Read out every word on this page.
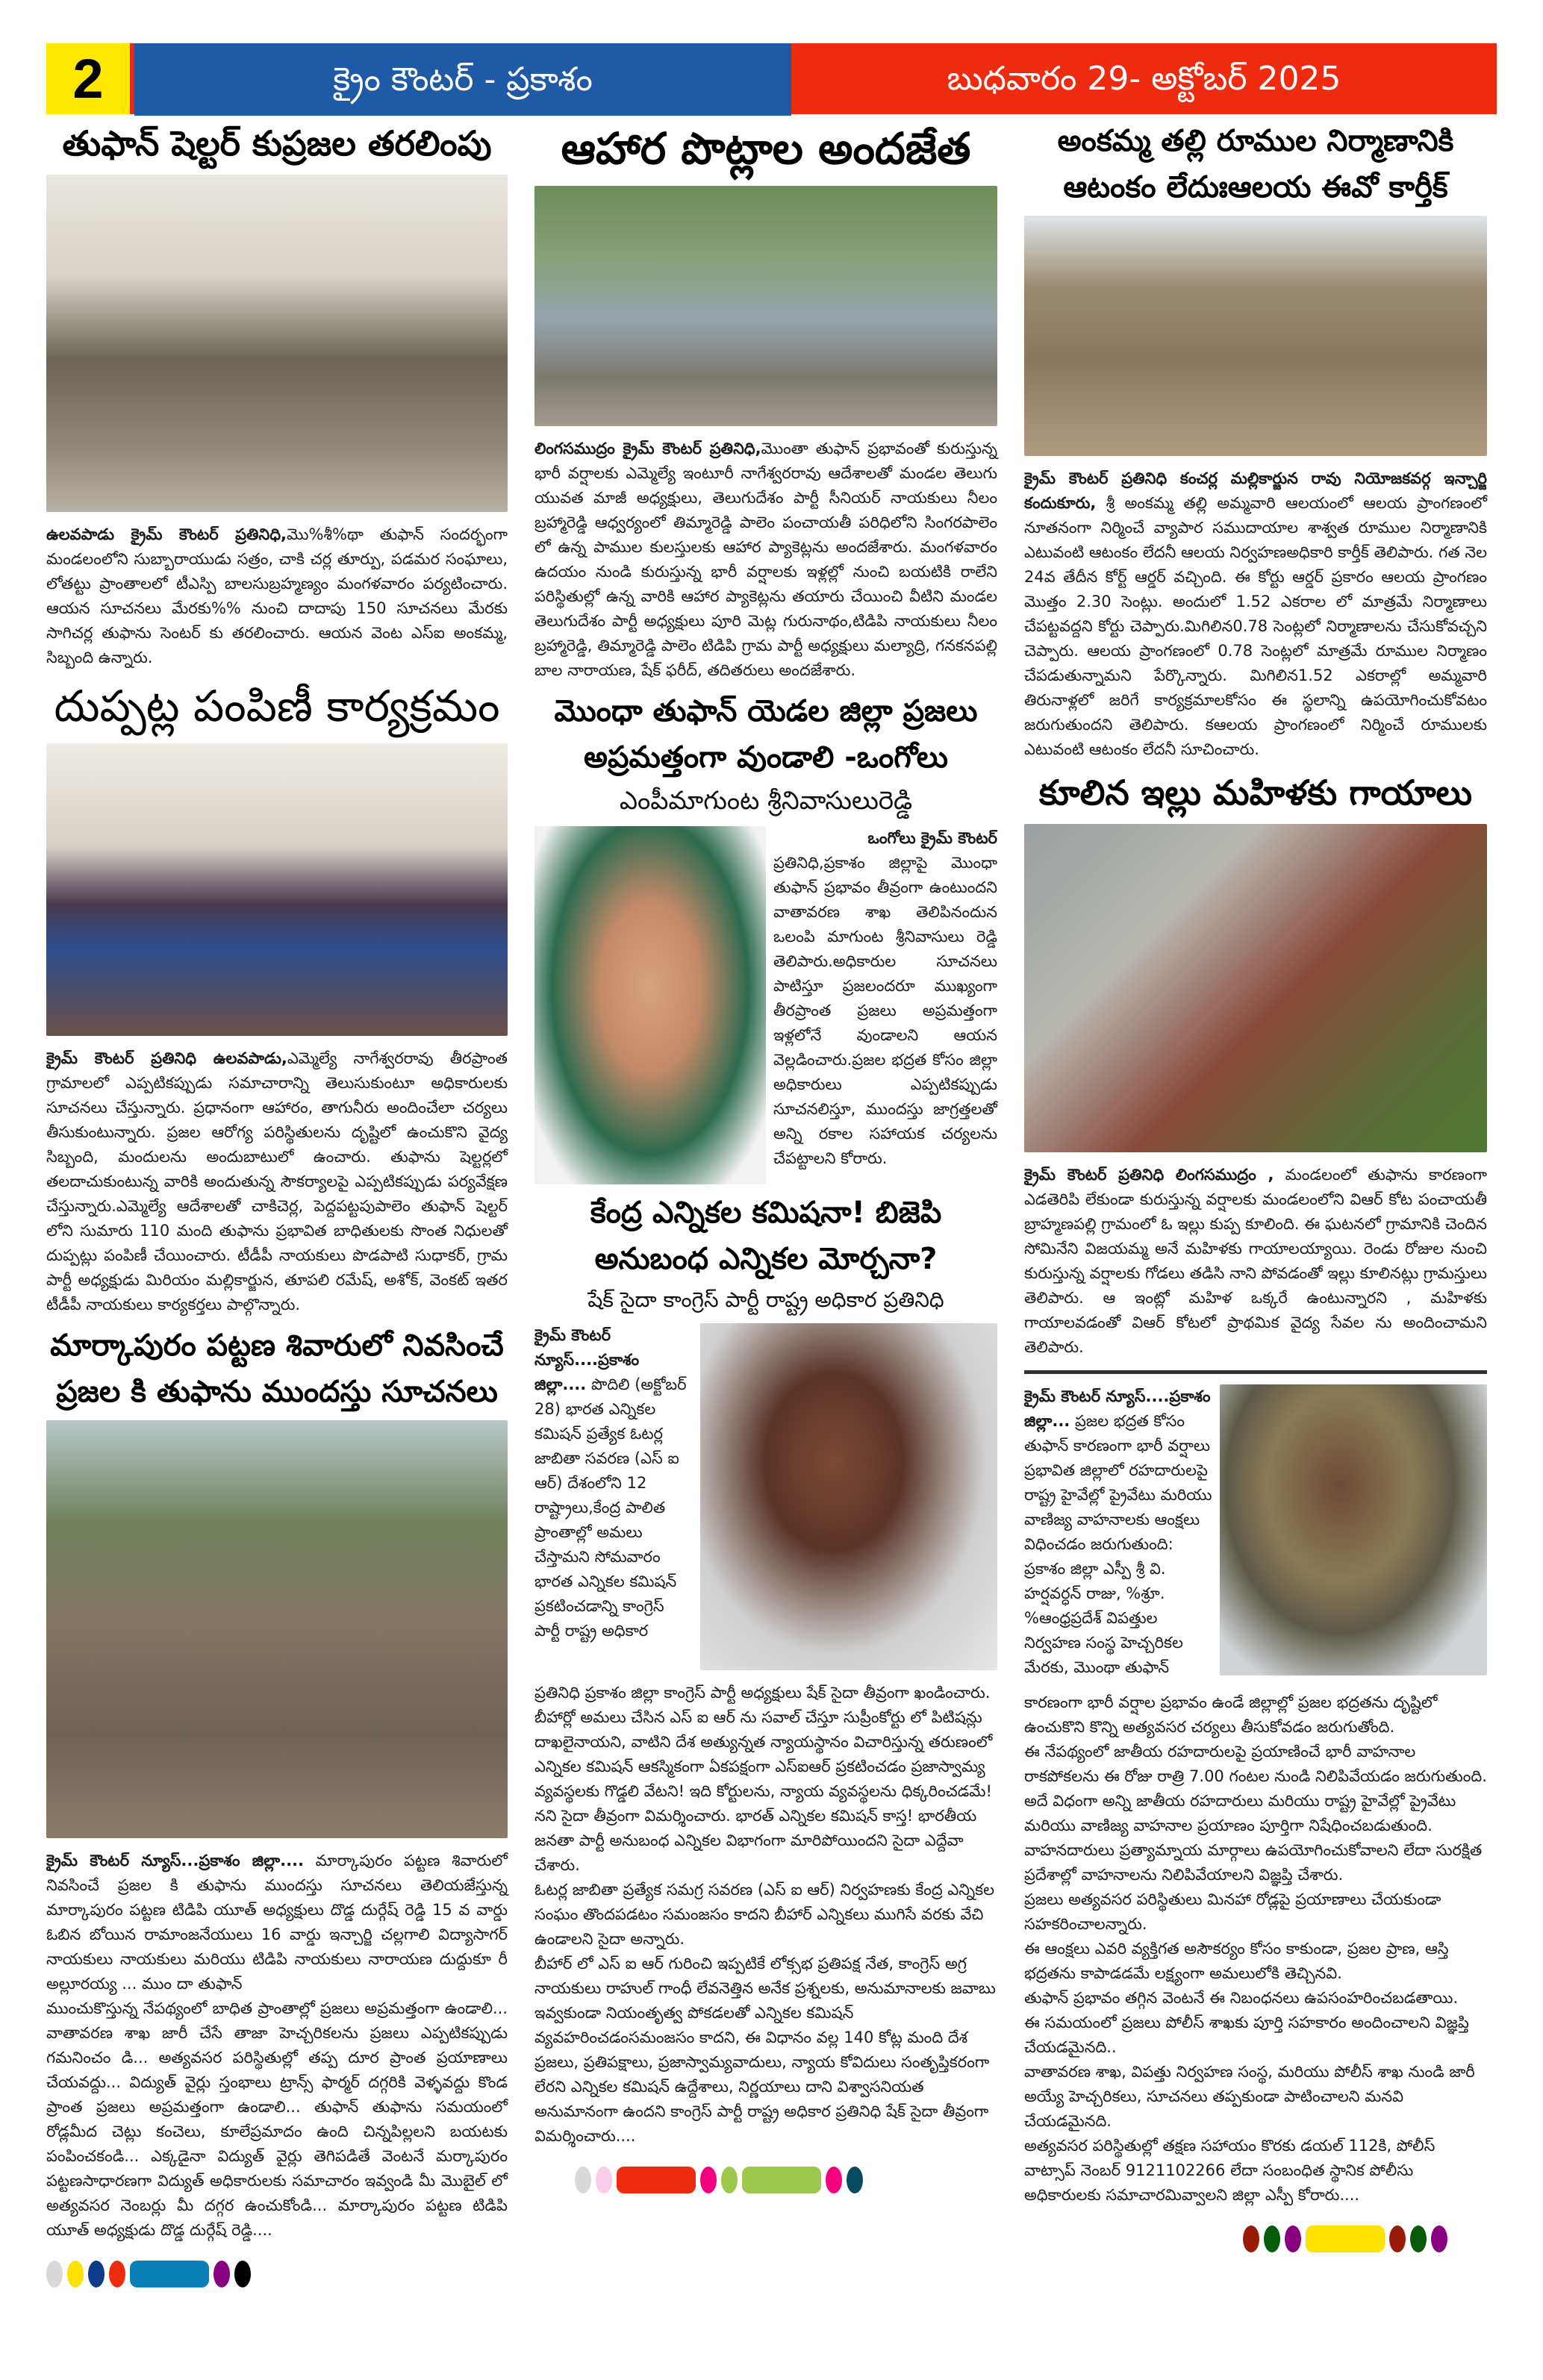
2	క్రైం కౌంటర్ - ప్రకాశం	బుధవారం 29- అక్టోబర్ 2025
తుఫాన్ షెల్టర్ కుప్రజల తరలింపు
ఉలవపాడు క్రైమ్ కౌంటర్ ప్రతినిధి,మొ%శీ%థా తుఫాన్ సందర్భంగా మండలంలోని సుబ్బారాయుడు సత్రం, చాకి చర్ల తూర్పు, పడమర సంఘాలు, లోతట్టు ప్రాంతాలలో టీఎస్పి బాలసుబ్రహ్మణ్యం మంగళవారం పర్యటించారు. ఆయన సూచనలు మేరకు%% నుంచి దాదాపు 150 సూచనలు మేరకు సాగిచర్ల తుఫాను సెంటర్ కు తరలించారు. ఆయన వెంట ఎస్ఐ అంకమ్మ, సిబ్బంది ఉన్నారు.
దుప్పట్ల పంపిణీ కార్యక్రమం
క్రైమ్ కౌంటర్ ప్రతినిధి ఉలవపాడు,ఎమ్మెల్యే నాగేశ్వరరావు తీరప్రాంత గ్రామాలలో ఎప్పటికప్పుడు సమాచారాన్ని తెలుసుకుంటూ అధికారులకు సూచనలు చేస్తున్నారు. ప్రధానంగా ఆహారం, తాగునీరు అందించేలా చర్యలు తీసుకుంటున్నారు. ప్రజల ఆరోగ్య పరిస్థితులను దృష్టిలో ఉంచుకొని వైద్య సిబ్బంది, మందులను అందుబాటులో ఉంచారు. తుఫాను షెల్టర్లలో తలదాచుకుంటున్న వారికి అందుతున్న సౌకర్యాలపై ఎప్పటికప్పుడు పర్యవేక్షణ చేస్తున్నారు.ఎమ్మెల్యే ఆదేశాలతో చాకిచెర్ల, పెద్దపట్టపుపాలెం తుఫాన్ షెల్టర్ లోని సుమారు 110 మంది తుఫాను ప్రభావిత బాధితులకు సొంత నిధులతో దుప్పట్లు పంపిణీ చేయించారు. టీడీపీ నాయకులు పొడపాటి సుధాకర్, గ్రామ పార్టీ అధ్యక్షుడు మిరియం మల్లికార్జున, తూపలి రమేష్, అశోక్, వెంకట్ ఇతర టీడీపీ నాయకులు కార్యకర్తలు పాల్గొన్నారు.
మార్కాపురం పట్టణ శివారులో నివసించే
ప్రజల కి తుఫాను ముందస్తు సూచనలు
క్రైమ్ కౌంటర్ న్యూస్...ప్రకాశం జిల్లా.... మార్కాపురం పట్టణ శివారులో నివసించే ప్రజల కి తుఫాను ముందస్తు సూచనలు తెలియజేస్తున్న మార్కాపురం పట్టణ టిడిపి యూత్ అధ్యక్షులు దొడ్డ దుర్గేష్ రెడ్డి 15 వ వార్డు ఓబిన బోయిన రామాంజనేయులు 16 వార్డు ఇన్చార్జి చల్లగాలి విద్యాసాగర్ నాయకులు నాయకులు మరియు టిడిపి నాయకులు నారాయణ దుద్దుకూ రీ అల్లూరయ్య ... ముం దా తుఫాన్
ముంచుకొస్తున్న నేపథ్యంలో బాధిత ప్రాంతాల్లో ప్రజలు అప్రమత్తంగా ఉండాలి... వాతావరణ శాఖ జారీ చేసే తాజా హెచ్చరికలను ప్రజలు ఎప్పటికప్పుడు గమనించం డి... అత్యవసర పరిస్థితుల్లో తప్ప దూర ప్రాంత ప్రయాణాలు చేయవద్దు... విద్యుత్ వైర్లు స్తంభాలు ట్రాన్స్ ఫార్మర్ దగ్గరికి వెళ్ళవద్దు కొండ ప్రాంత ప్రజలు అప్రమత్తంగా ఉండాలి... తుఫాన్ తుఫాను సమయంలో రోడ్లమీద చెట్లు కంచెలు, కూలేప్రమాదం ఉంది చిన్నపిల్లలని బయటకు పంపించకండి... ఎక్కడైనా విద్యుత్ వైర్లు తెగిపడితే వెంటనే మర్కాపురం పట్టణసాధారణగా విద్యుత్ అధికారులకు సమాచారం ఇవ్వండి మీ మొబైల్ లో అత్యవసర నెంబర్లు మీ దగ్గర ఉంచుకోండి... మార్కాపురం పట్టణ టిడిపి యూత్ అధ్యక్షుడు దొడ్డ దుర్గేష్ రెడ్డి....
ఆహార పొట్లాల అందజేత
లింగసముద్రం క్రైమ్ కౌంటర్ ప్రతినిధి,మొంతా తుఫాన్ ప్రభావంతో కురుస్తున్న భారీ వర్షాలకు ఎమ్మెల్యే ఇంటూరీ నాగేశ్వరరావు ఆదేశాలతో మండల తెలుగు యువత మాజీ అధ్యక్షులు, తెలుగుదేశం పార్టీ సీనియర్ నాయకులు నీలం బ్రహ్మారెడ్డి ఆధ్వర్యంలో తిమ్మారెడ్డి పాలెం పంచాయతీ పరిధిలోని సింగరపాలెం లో ఉన్న పాముల కులస్తులకు ఆహార ప్యాకెట్లను అందజేశారు. మంగళవారం ఉదయం నుండి కురుస్తున్న భారీ వర్షాలకు ఇళ్లల్లో నుంచి బయటికి రాలేని పరిస్థితుల్లో ఉన్న వారికి ఆహార ప్యాకెట్లను తయారు చేయించి వీటిని మండల తెలుగుదేశం పార్టీ అధ్యక్షులు పూరి మెట్ల గురునాథం,టిడిపి నాయకులు నీలం బ్రహ్మారెడ్డి, తిమ్మారెడ్డి పాలెం టిడిపి గ్రామ పార్టీ అధ్యక్షులు మల్యాద్రి, గనకనపల్లి బాల నారాయణ, షేక్ ఫరీద్, తదితరులు అందజేశారు.
మొంధా తుఫాన్ యెడల జిల్లా ప్రజలు
అప్రమత్తంగా వుండాలి -ఒంగోలు
ఎంపీమాగుంట శ్రీనివాసులురెడ్డి
ఒంగోలు క్రైమ్ కౌంటర్
ప్రతినిధి,ప్రకాశం జిల్లాపై మొంధా తుఫాన్ ప్రభావం తీవ్రంగా ఉంటుందని వాతావరణ శాఖ తెలిపినందున ఒలంపి మాగుంట శ్రీనివాసులు రెడ్డి తెలిపారు.అధికారుల సూచనలు పాటిస్తూ ప్రజలందరూ ముఖ్యంగా తీరప్రాంత ప్రజలు అప్రమత్తంగా ఇళ్లలోనే వుండాలని ఆయన వెల్లడించారు.ప్రజల భద్రత కోసం జిల్లా అధికారులు ఎప్పటికప్పుడు సూచనలిస్తూ, ముందస్తు జాగ్రత్తలతో అన్ని రకాల సహాయక చర్యలను చేపట్టాలని కోరారు.
కేంద్ర ఎన్నికల కమిషనా! బిజెపి
అనుబంధ ఎన్నికల మోర్చనా?
షేక్ సైదా కాంగ్రెస్ పార్టీ రాష్ట్ర అధికార ప్రతినిధి
క్రైమ్ కౌంటర్ న్యూస్....ప్రకాశం జిల్లా.... పొదిలి (అక్టోబర్ 28) భారత ఎన్నికల కమిషన్ ప్రత్యేక ఓటర్ల జాబితా సవరణ (ఎస్ ఐ ఆర్) దేశంలోని 12 రాష్ట్రాలు,కేంద్ర పాలిత ప్రాంతాల్లో అమలు చేస్తామని సోమవారం భారత ఎన్నికల కమిషన్ ప్రకటించడాన్ని కాంగ్రెస్ పార్టీ రాష్ట్ర అధికార
ప్రతినిధి ప్రకాశం జిల్లా కాంగ్రెస్ పార్టీ అధ్యక్షులు షేక్ సైదా తీవ్రంగా ఖండించారు.
బీహార్లో అమలు చేసిన ఎస్ ఐ ఆర్ ను సవాల్ చేస్తూ సుప్రీంకోర్టు లో పిటిషన్లు దాఖలైనాయని, వాటిని దేశ అత్యున్నత న్యాయస్థానం విచారిస్తున్న తరుణంలో ఎన్నికల కమిషన్ ఆకస్మికంగా ఏకపక్షంగా ఎస్ఐఆర్ ప్రకటించడం ప్రజాస్వామ్య వ్యవస్థలకు గొడ్డలి వేటని! ఇది కోర్టులను, న్యాయ వ్యవస్థలను ధిక్కరించడమే! నని సైదా తీవ్రంగా విమర్శించారు. భారత్ ఎన్నికల కమిషన్ కాస్త! భారతీయ జనతా పార్టీ అనుబంధ ఎన్నికల విభాగంగా మారిపోయిందని సైదా ఎద్దేవా చేశారు.
ఓటర్ల జాబితా ప్రత్యేక సమగ్ర సవరణ (ఎస్ ఐ ఆర్) నిర్వహణకు కేంద్ర ఎన్నికల సంఘం తొందపడటం సమంజసం కాదని బీహార్ ఎన్నికలు ముగిసే వరకు వేచి ఉండాలని సైదా అన్నారు.
బీహార్ లో ఎస్ ఐ ఆర్ గురించి ఇప్పటికే లోక్సభ ప్రతిపక్ష నేత, కాంగ్రెస్ అగ్ర నాయకులు రాహుల్ గాంధీ లేవనెత్తిన అనేక ప్రశ్నలకు, అనుమానాలకు జవాబు ఇవ్వకుండా నియంతృత్వ పోకడలతో ఎన్నికల కమిషన్ వ్యవహరించడంసమంజసం కాదని, ఈ విధానం వల్ల 140 కోట్ల మంది దేశ ప్రజలు, ప్రతిపక్షాలు, ప్రజాస్వామ్యవాదులు, న్యాయ కోవిదులు సంతృప్తికరంగా లేరని ఎన్నికల కమిషన్ ఉద్దేశాలు, నిర్ణయాలు దాని విశ్వాసనియత అనుమానంగా ఉందని కాంగ్రెస్ పార్టీ రాష్ట్ర అధికార ప్రతినిధి షేక్ సైదా తీవ్రంగా విమర్శించారు....
అంకమ్మ తల్లి రూముల నిర్మాణానికి
ఆటంకం లేదుఃఆలయ ఈవో కార్తీక్
క్రైమ్ కౌంటర్ ప్రతినిధి కంచర్ల మల్లికార్జున రావు నియోజకవర్గ ఇన్చార్జి కందుకూరు, శ్రీ అంకమ్మ తల్లి అమ్మవారి ఆలయంలో ఆలయ ప్రాంగణంలో నూతనంగా నిర్మించే వ్యాపార సముదాయాల శాశ్వత రూముల నిర్మాణానికి ఎటువంటి ఆటంకం లేదనీ ఆలయ నిర్వహణఅధికారి కార్తీక్ తెలిపారు. గత నెల 24వ తేదీన కోర్ట్ ఆర్డర్ వచ్చింది. ఈ కోర్టు ఆర్డర్ ప్రకారం ఆలయ ప్రాంగణం మొత్తం 2.30 సెంట్లు. అందులో 1.52 ఎకరాల లో మాత్రమే నిర్మాణాలు చేపట్టవద్దని కోర్టు చెప్పారు.మిగిలిన0.78 సెంట్లలో నిర్మాణాలను చేసుకోవచ్చని చెప్పారు. ఆలయ ప్రాంగణంలో 0.78 సెంట్లలో మాత్రమే రూముల నిర్మాణం చేపడుతున్నామని పేర్కొన్నారు. మిగిలిన1.52 ఎకరాల్లో అమ్మవారి తిరునాళ్లలో జరిగే కార్యక్రమాలకోసం ఈ స్థలాన్ని ఉపయోగించుకోవటం జరుగుతుందని తెలిపారు. కఆలయ ప్రాంగణంలో నిర్మించే రూములకు ఎటువంటి ఆటంకం లేదనీ సూచించారు.
కూలిన ఇల్లు మహిళకు గాయాలు
క్రైమ్ కౌంటర్ ప్రతినిధి లింగసముద్రం , మండలంలో తుఫాను కారణంగా ఎడతెరిపి లేకుండా కురుస్తున్న వర్షాలకు మండలంలోని విఆర్ కోట పంచాయతీ బ్రాహ్మణపల్లి గ్రామంలో ఓ ఇల్లు కుప్ప కూలింది. ఈ ఘటనలో గ్రామానికి చెందిన సోమినేని విజయమ్మ అనే మహిళకు గాయాలయ్యాయి. రెండు రోజుల నుంచి కురుస్తున్న వర్షాలకు గోడలు తడిసి నాని పోవడంతో ఇల్లు కూలినట్లు గ్రామస్తులు తెలిపారు. ఆ ఇంట్లో మహిళ ఒక్కరే ఉంటున్నారని , మహిళకు గాయాలవడంతో విఆర్ కోటలో ప్రాథమిక వైద్య సేవల ను అందించామని తెలిపారు.
క్రైమ్ కౌంటర్ న్యూస్....ప్రకాశం జిల్లా... ప్రజల భద్రత కోసం తుఫాన్ కారణంగా భారీ వర్షాలు ప్రభావిత జిల్లాలో రహదారులపై రాష్ట్ర హైవేల్లో ప్రైవేటు మరియు వాణిజ్య వాహనాలకు ఆంక్షలు విధించడం జరుగుతుంది: ప్రకాశం జిల్లా ఎస్పీ శ్రీ వి. హర్షవర్ధన్ రాజు, %శ్రూ. %ఆంధ్రప్రదేశ్ విపత్తుల నిర్వహణ సంస్థ హెచ్చరికల మేరకు, మొంథా తుఫాన్
కారణంగా భారీ వర్షాల ప్రభావం ఉండే జిల్లాల్లో ప్రజల భద్రతను దృష్టిలో ఉంచుకొని కొన్ని అత్యవసర చర్యలు తీసుకోవడం జరుగుతోంది.
ఈ నేపథ్యంలో జాతీయ రహదారులపై ప్రయాణించే భారీ వాహనాల రాకపోకలను ఈ రోజు రాత్రి 7.00 గంటల నుండి నిలిపివేయడం జరుగుతుంది.
అదే విధంగా అన్ని జాతీయ రహదారులు మరియు రాష్ట్ర హైవేల్లో ప్రైవేటు మరియు వాణిజ్య వాహనాల ప్రయాణం పూర్తిగా నిషేధించబడుతుంది.
వాహనదారులు ప్రత్యామ్నాయ మార్గాలు ఉపయోగించుకోవాలని లేదా సురక్షిత ప్రదేశాల్లో వాహనాలను నిలిపివేయాలని విజ్ఞప్తి చేశారు.
ప్రజలు అత్యవసర పరిస్థితులు మినహా రోడ్లపై ప్రయాణాలు చేయకుండా సహకరించాలన్నారు.
ఈ ఆంక్షలు ఎవరి వ్యక్తిగత అసౌకర్యం కోసం కాకుండా, ప్రజల ప్రాణ, ఆస్తి భద్రతను కాపాడడమే లక్ష్యంగా అమలులోకి తెచ్చినవి.
తుఫాన్ ప్రభావం తగ్గిన వెంటనే ఈ నిబంధనలు ఉపసంహరించబడతాయి.
ఈ సమయంలో ప్రజలు పోలీస్ శాఖకు పూర్తి సహకారం అందించాలని విజ్ఞప్తి చేయడమైనది..
వాతావరణ శాఖ, విపత్తు నిర్వహణ సంస్థ, మరియు పోలీస్ శాఖ నుండి జారీ అయ్యే హెచ్చరికలు, సూచనలు తప్పకుండా పాటించాలని మనవి చేయడమైనది.
అత్యవసర పరిస్థితుల్లో తక్షణ సహాయం కొరకు డయల్ 112కి, పోలీస్ వాట్సాప్ నెంబర్ 9121102266 లేదా సంబంధిత స్థానిక పోలీసు అధికారులకు సమాచారమివ్వాలని జిల్లా ఎస్పీ కోరారు....
